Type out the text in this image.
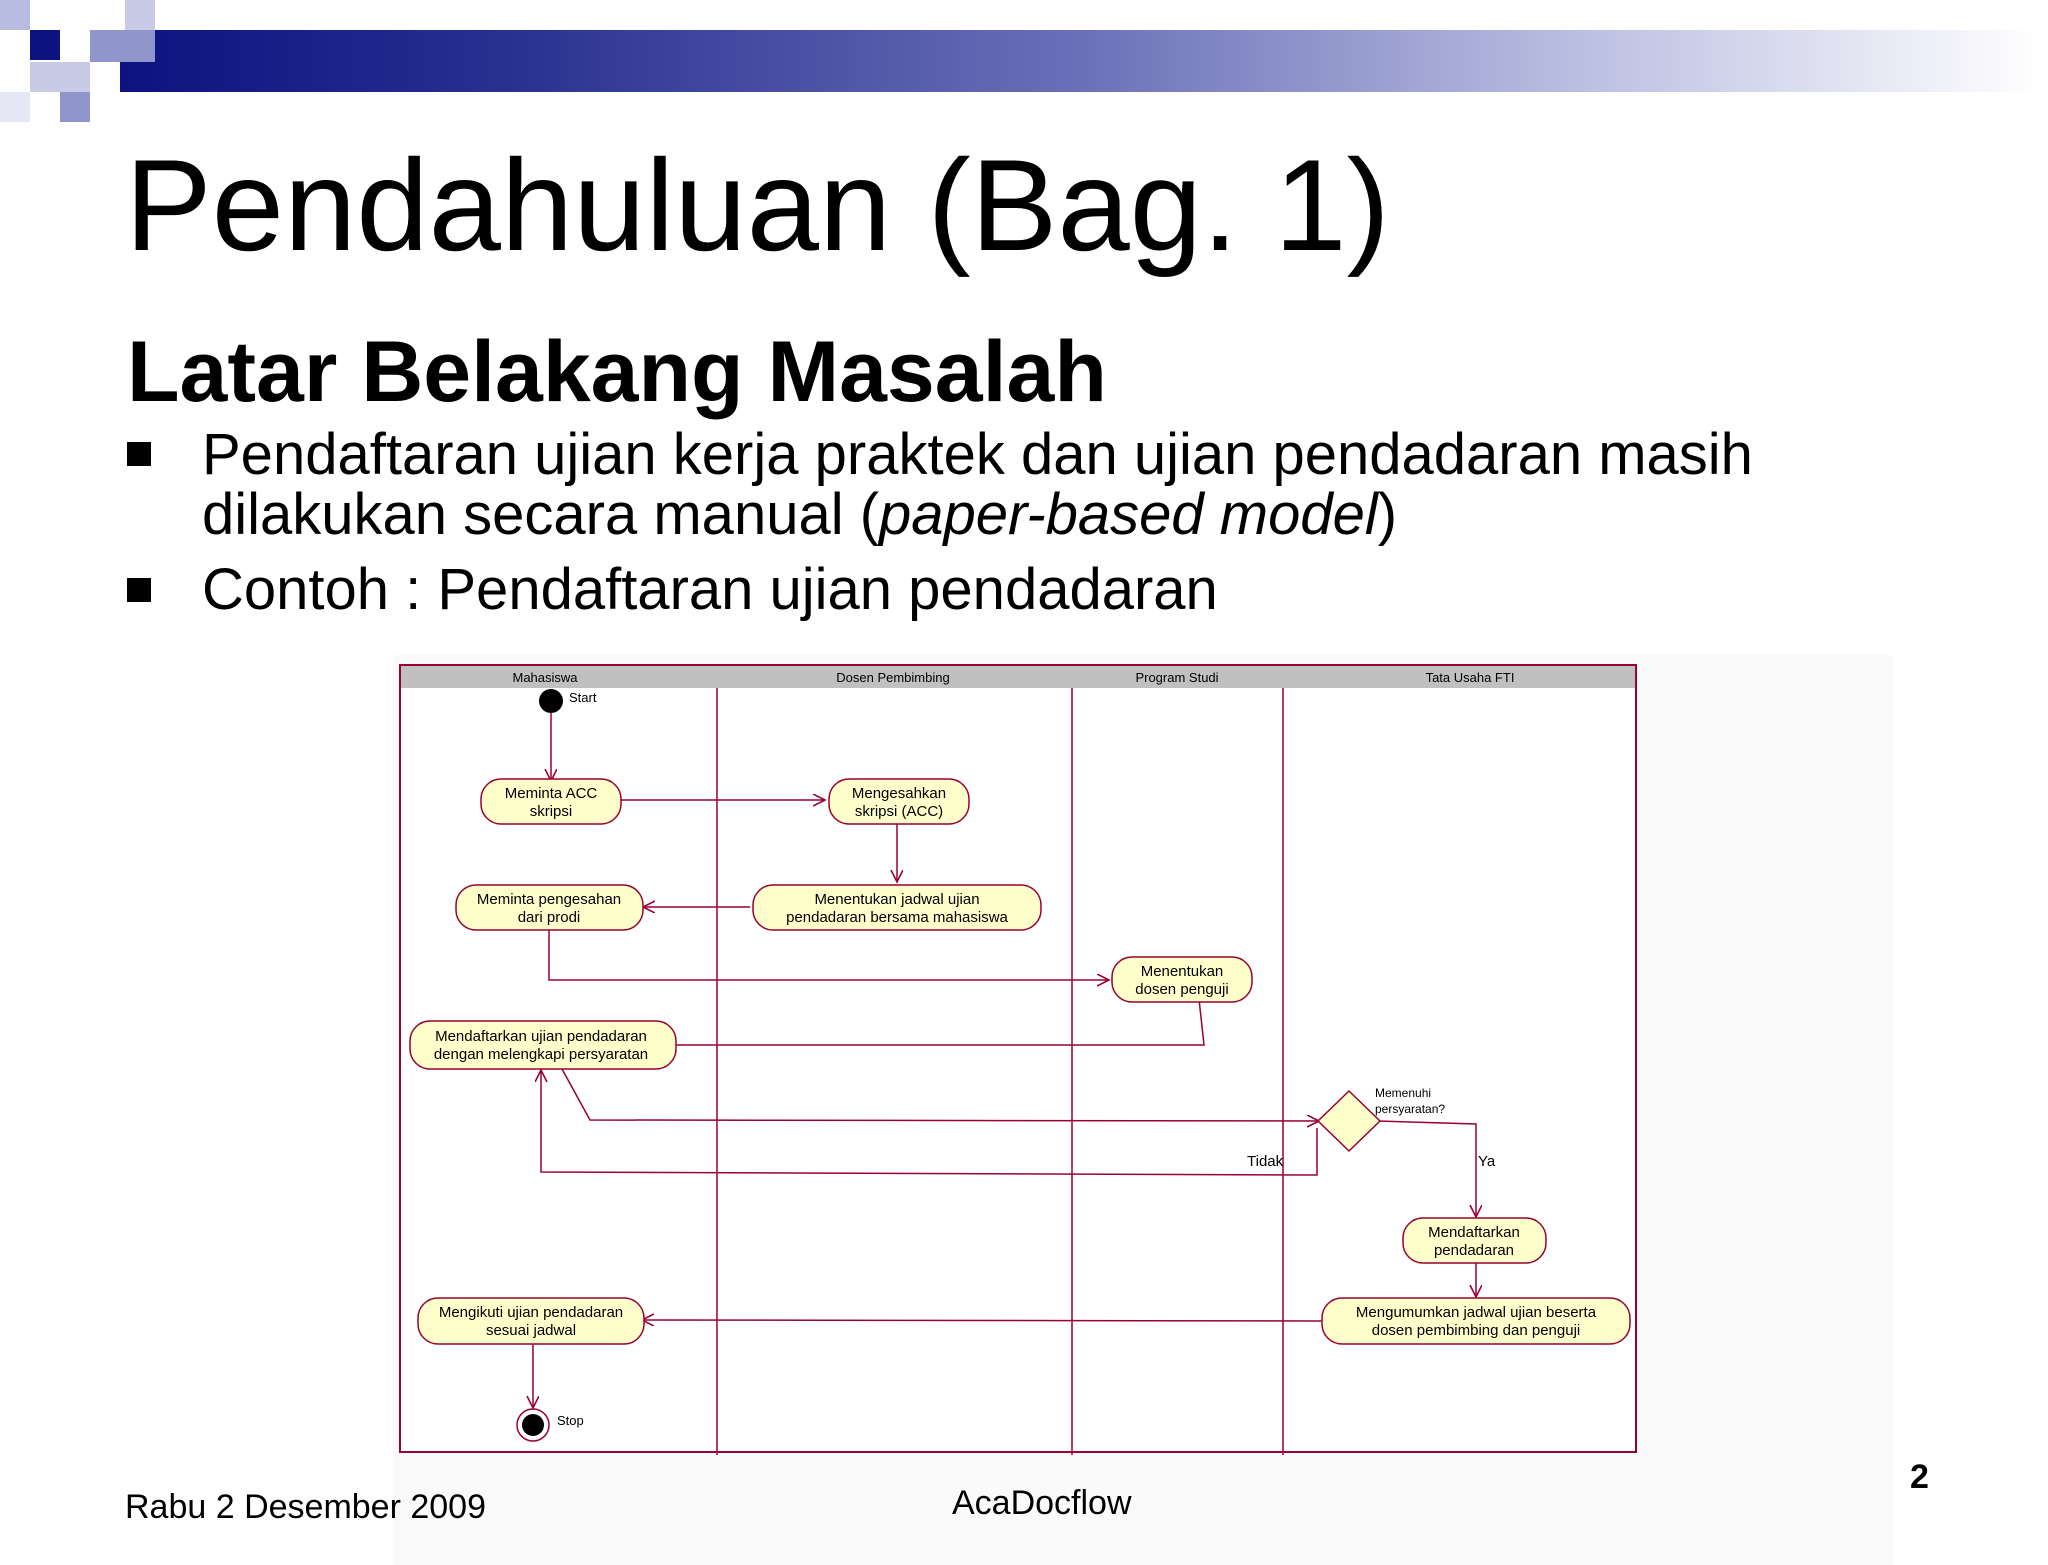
Pendahuluan (Bag. 1)
Latar Belakang Masalah
Pendaftaran ujian kerja praktek dan ujian pendadaran masih
dilakukan secara manual (paper-based model)
Contoh : Pendaftaran ujian pendadaran
Mahasiswa	Dosen Pembimbing	Program Studi	Tata Usaha FTI
Start
Meminta ACC
skripsi
Mengesahkan
skripsi (ACC)
Meminta pengesahan
dari prodi
Menentukan jadwal ujian
pendadaran bersama mahasiswa
Menentukan
dosen penguji
Mendaftarkan ujian pendadaran
dengan melengkapi persyaratan
Mendaftarkan
pendadaran
Mengikuti ujian pendadaran
sesuai jadwal
Mengumumkan jadwal ujian beserta
dosen pembimbing dan penguji
Memenuhi
persyaratan?
Tidak	Ya
Stop
Rabu 2 Desember 2009	AcaDocflow
2
